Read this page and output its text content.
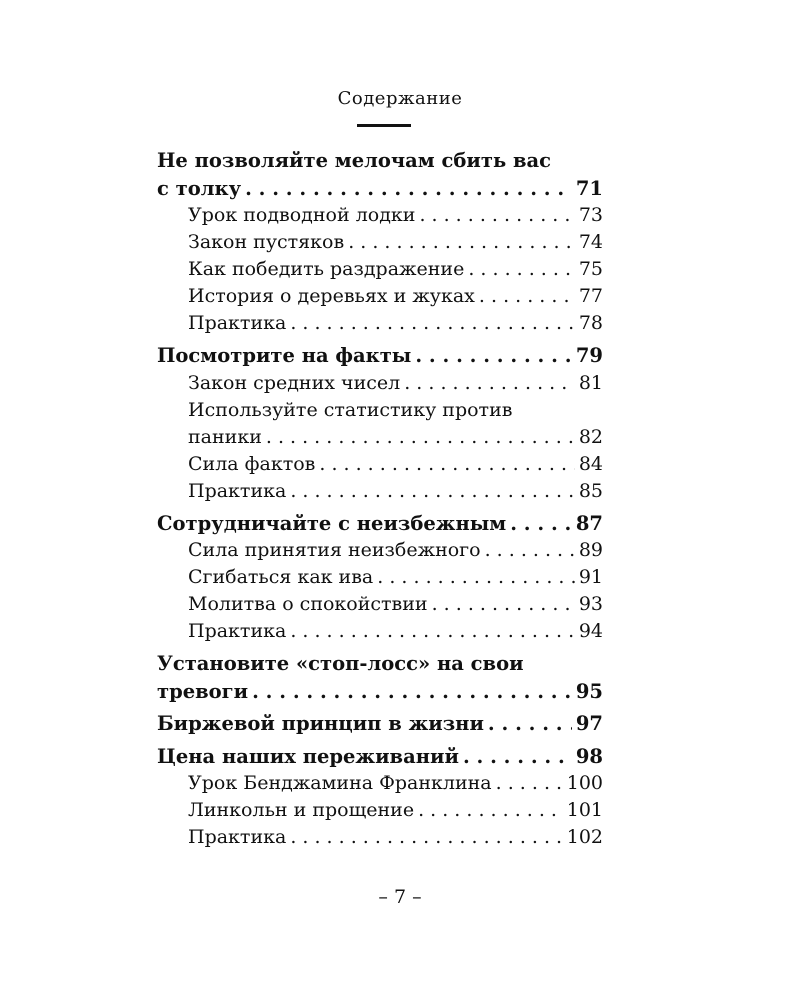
Содержание
Не позволяйте мелочам сбить вас
с толку . . .	71
Урок подводной лодки . . .	73
Закон пустяков . . .	74
Как победить раздражение . . .	75
История о деревьях и жуках . . .	77
Практика . . .	78
Посмотрите на факты . . .	79
Закон средних чисел . . .	81
Используйте статистику против
паники . . .	82
Сила фактов . . .	84
Практика . . .	85
Сотрудничайте с неизбежным . . .	87
Сила принятия неизбежного . . .	89
Сгибаться как ива . . .	91
Молитва о спокойствии . . .	93
Практика . . .	94
Установите «стоп-лосс» на свои
тревоги . . .	95
Биржевой принцип в жизни . . .	97
Цена наших переживаний . . .	98
Урок Бенджамина Франклина . . .	100
Линкольн и прощение . . .	101
Практика . . .	102
– 7 –
